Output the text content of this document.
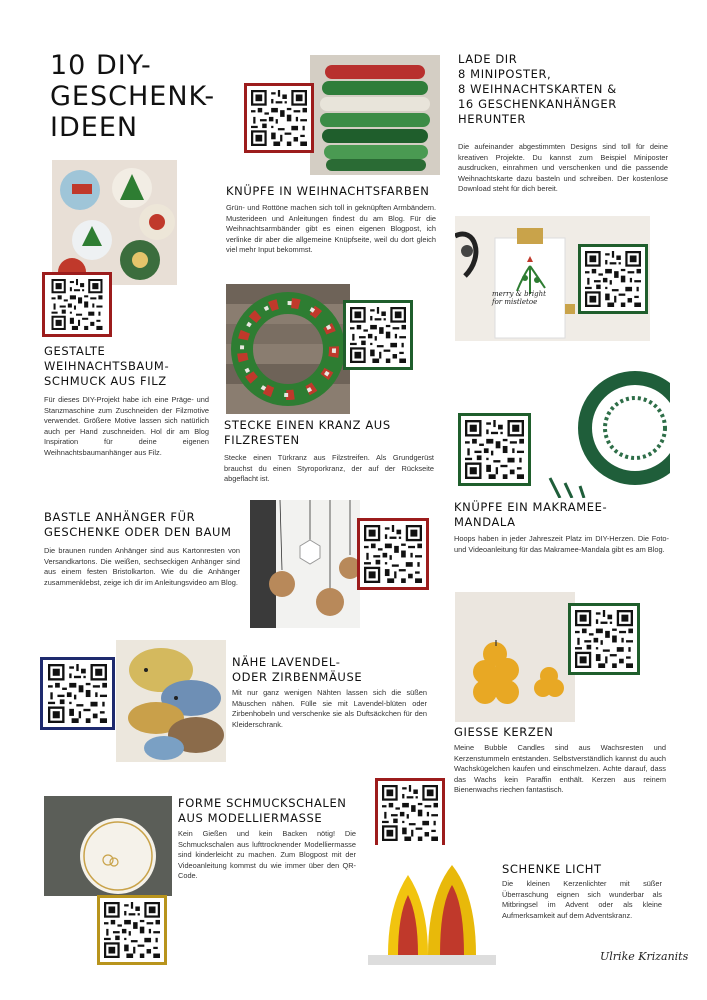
10 DIY-
GESCHENK-
IDEEN
LADE DIR
8 MINIPOSTER,
8 WEIHNACHTSKARTEN &
16 GESCHENKANHÄNGER
HERUNTER
Die aufeinander abgestimmten Designs sind toll für deine kreativen Projekte. Du kannst zum Beispiel Miniposter ausdrucken, einrahmen und verschenken und die passende Weihnachtskarte dazu basteln und schreiben. Der kostenlose Download steht für dich bereit.
KNÜPFE IN WEIHNACHTSFARBEN
Grün- und Rottöne machen sich toll in geknüpften Armbändern. Musterideen und Anleitungen findest du am Blog. Für die Weihnachtsarmbänder gibt es einen eigenen Blogpost, ich verlinke dir aber die allgemeine Knüpfseite, weil du dort gleich viel mehr Input bekommst.
GESTALTE
WEIHNACHTSBAUM-
SCHMUCK AUS FILZ
Für dieses DIY-Projekt habe ich eine Präge- und Stanzmaschine zum Zuschneiden der Filzmotive verwendet. Größere Motive lassen sich natürlich auch per Hand zuschneiden. Hol dir am Blog Inspiration für deine eigenen Weihnachtsbaumanhänger aus Filz.
STECKE EINEN KRANZ AUS
FILZRESTEN
Stecke einen Türkranz aus Filzstreifen. Als Grundgerüst brauchst du einen Styroporkranz, der auf der Rückseite abgeflacht ist.
merry & bright
for mistletoe
KNÜPFE EIN MAKRAMEE-
MANDALA
Hoops haben in jeder Jahreszeit Platz im DIY-Herzen. Die Foto- und Videoanleitung für das Makramee-Mandala gibt es am Blog.
BASTLE ANHÄNGER FÜR
GESCHENKE ODER DEN BAUM
Die braunen runden Anhänger sind aus Kartonresten von Versandkartons. Die weißen, sechseckigen Anhänger sind aus einem festen Bristolkarton. Wie du die Anhänger zusammenklebst, zeige ich dir im Anleitungsvideo am Blog.
GIESSE KERZEN
Meine Bubble Candles sind aus Wachsresten und Kerzenstummeln entstanden. Selbstverständlich kannst du auch Wachskügelchen kaufen und einschmelzen. Achte darauf, dass das Wachs kein Paraffin enthält. Kerzen aus reinem Bienenwachs riechen fantastisch.
NÄHE LAVENDEL-
ODER ZIRBENMÄUSE
Mit nur ganz wenigen Nähten lassen sich die süßen Mäuschen nähen. Fülle sie mit Lavendel-blüten oder Zirbenhobeln und verschenke sie als Duftsäckchen für den Kleiderschrank.
FORME SCHMUCKSCHALEN
AUS MODELLIERMASSE
Kein Gießen und kein Backen nötig! Die Schmuckschalen aus lufttrocknender Modelliermasse sind kinderleicht zu machen. Zum Blogpost mit der Videoanleitung kommst du wie immer über den QR-Code.	SCHENKE LICHT
Die kleinen Kerzenlichter mit süßer Überraschung eignen sich wunderbar als Mitbringsel im Advent oder als kleine Aufmerksamkeit auf dem Adventskranz.
Ulrike Krizanits
